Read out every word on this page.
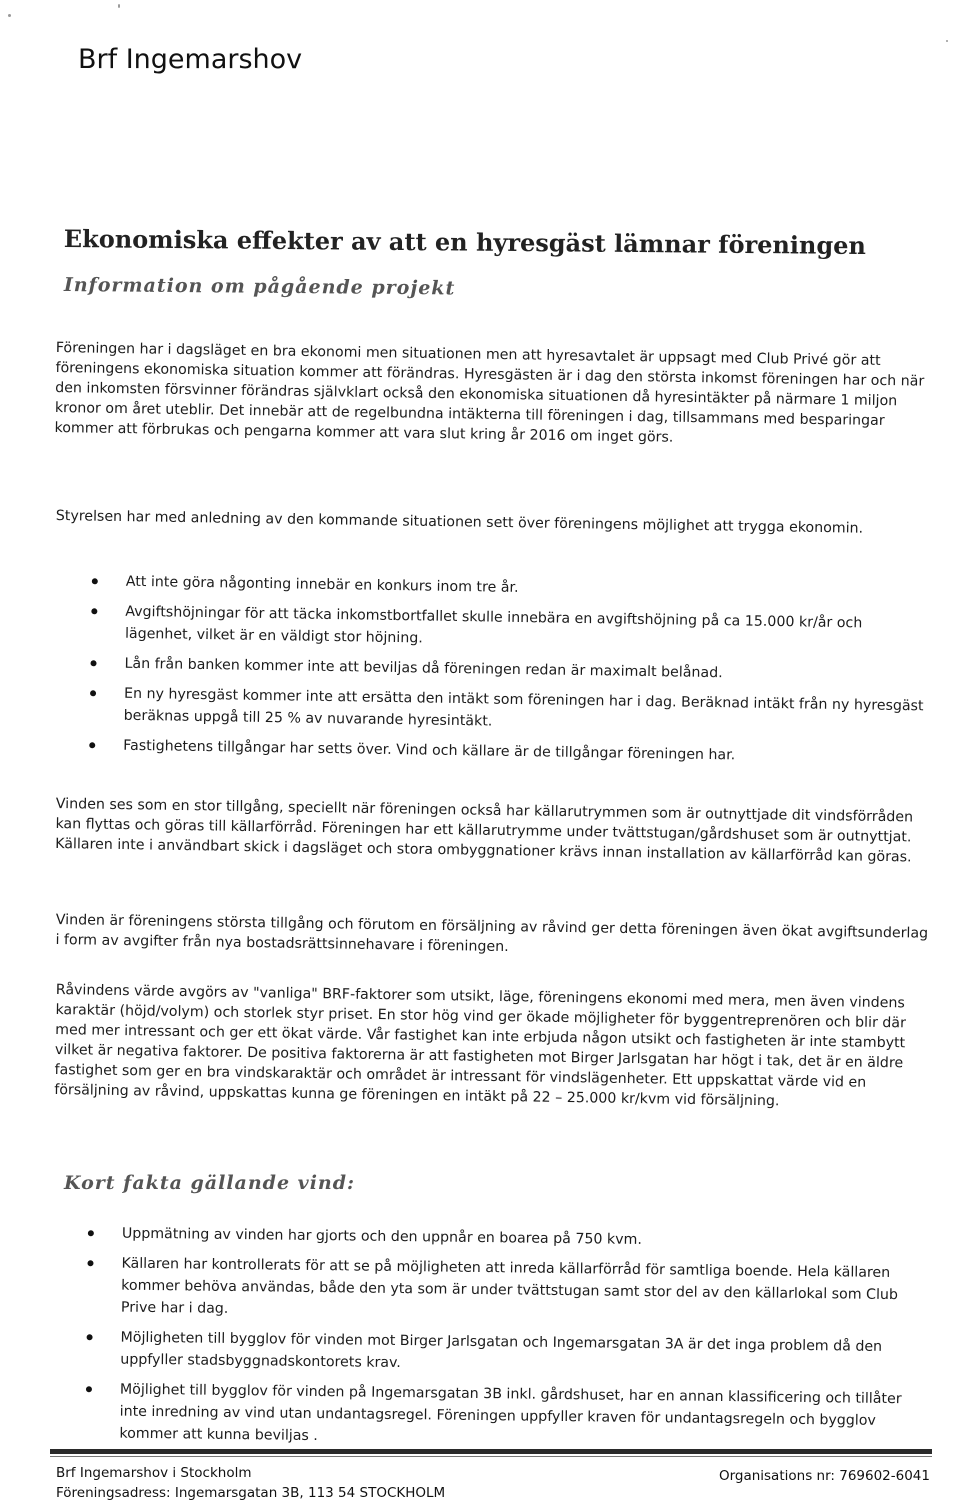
Brf Ingemarshov
Ekonomiska effekter av att en hyresgäst lämnar föreningen
Information om pågående projekt

Föreningen har i dagsläget en bra ekonomi men situationen men att hyresavtalet är uppsagt med Club Privé gör att föreningens ekonomiska situation kommer att förändras. Hyresgästen är i dag den största inkomst föreningen har och när den inkomsten försvinner förändras självklart också den ekonomiska situationen då hyresintäkter på närmare 1 miljon kronor om året uteblir. Det innebär att de regelbundna intäkterna till föreningen i dag, tillsammans med besparingar kommer att förbrukas och pengarna kommer att vara slut kring år 2016 om inget görs.

Styrelsen har med anledning av den kommande situationen sett över föreningens möjlighet att trygga ekonomin.

Att inte göra någonting innebär en konkurs inom tre år.
Avgiftshöjningar för att täcka inkomstbortfallet skulle innebära en avgiftshöjning på ca 15.000 kr/år och lägenhet, vilket är en väldigt stor höjning.
Lån från banken kommer inte att beviljas då föreningen redan är maximalt belånad.
En ny hyresgäst kommer inte att ersätta den intäkt som föreningen har i dag. Beräknad intäkt från ny hyresgäst beräknas uppgå till 25 % av nuvarande hyresintäkt.
Fastighetens tillgångar har setts över. Vind och källare är de tillgångar föreningen har.

Vinden ses som en stor tillgång, speciellt när föreningen också har källarutrymmen som är outnyttjade dit vindsförråden kan flyttas och göras till källarförråd. Föreningen har ett källarutrymme under tvättstugan/gårdshuset som är outnyttjat. Källaren inte i användbart skick i dagsläget och stora ombyggnationer krävs innan installation av källarförråd kan göras.

Vinden är föreningens största tillgång och förutom en försäljning av råvind ger detta föreningen även ökat avgiftsunderlag i form av avgifter från nya bostadsrättsinnehavare i föreningen.

Råvindens värde avgörs av "vanliga" BRF-faktorer som utsikt, läge, föreningens ekonomi med mera, men även vindens karaktär (höjd/volym) och storlek styr priset. En stor hög vind ger ökade möjligheter för byggentreprenören och blir där med mer intressant och ger ett ökat värde. Vår fastighet kan inte erbjuda någon utsikt och fastigheten är inte stambytt vilket är negativa faktorer. De positiva faktorerna är att fastigheten mot Birger Jarlsgatan har högt i tak, det är en äldre fastighet som ger en bra vindskaraktär och området är intressant för vindslägenheter. Ett uppskattat värde vid en försäljning av råvind, uppskattas kunna ge föreningen en intäkt på 22 – 25.000 kr/kvm vid försäljning.

Kort fakta gällande vind:
Uppmätning av vinden har gjorts och den uppnår en boarea på 750 kvm.
Källaren har kontrollerats för att se på möjligheten att inreda källarförråd för samtliga boende. Hela källaren kommer behöva användas, både den yta som är under tvättstugan samt stor del av den källarlokal som Club Prive har i dag.
Möjligheten till bygglov för vinden mot Birger Jarlsgatan och Ingemarsgatan 3A är det inga problem då den uppfyller stadsbyggnadskontorets krav.
Möjlighet till bygglov för vinden på Ingemarsgatan 3B inkl. gårdshuset, har en annan klassificering och tillåter inte inredning av vind utan undantagsregel. Föreningen uppfyller kraven för undantagsregeln och bygglov kommer att kunna beviljas .
Brf Ingemarshov i Stockholm
Föreningsadress: Ingemarsgatan 3B, 113 54 STOCKHOLM
Organisations nr: 769602-6041
